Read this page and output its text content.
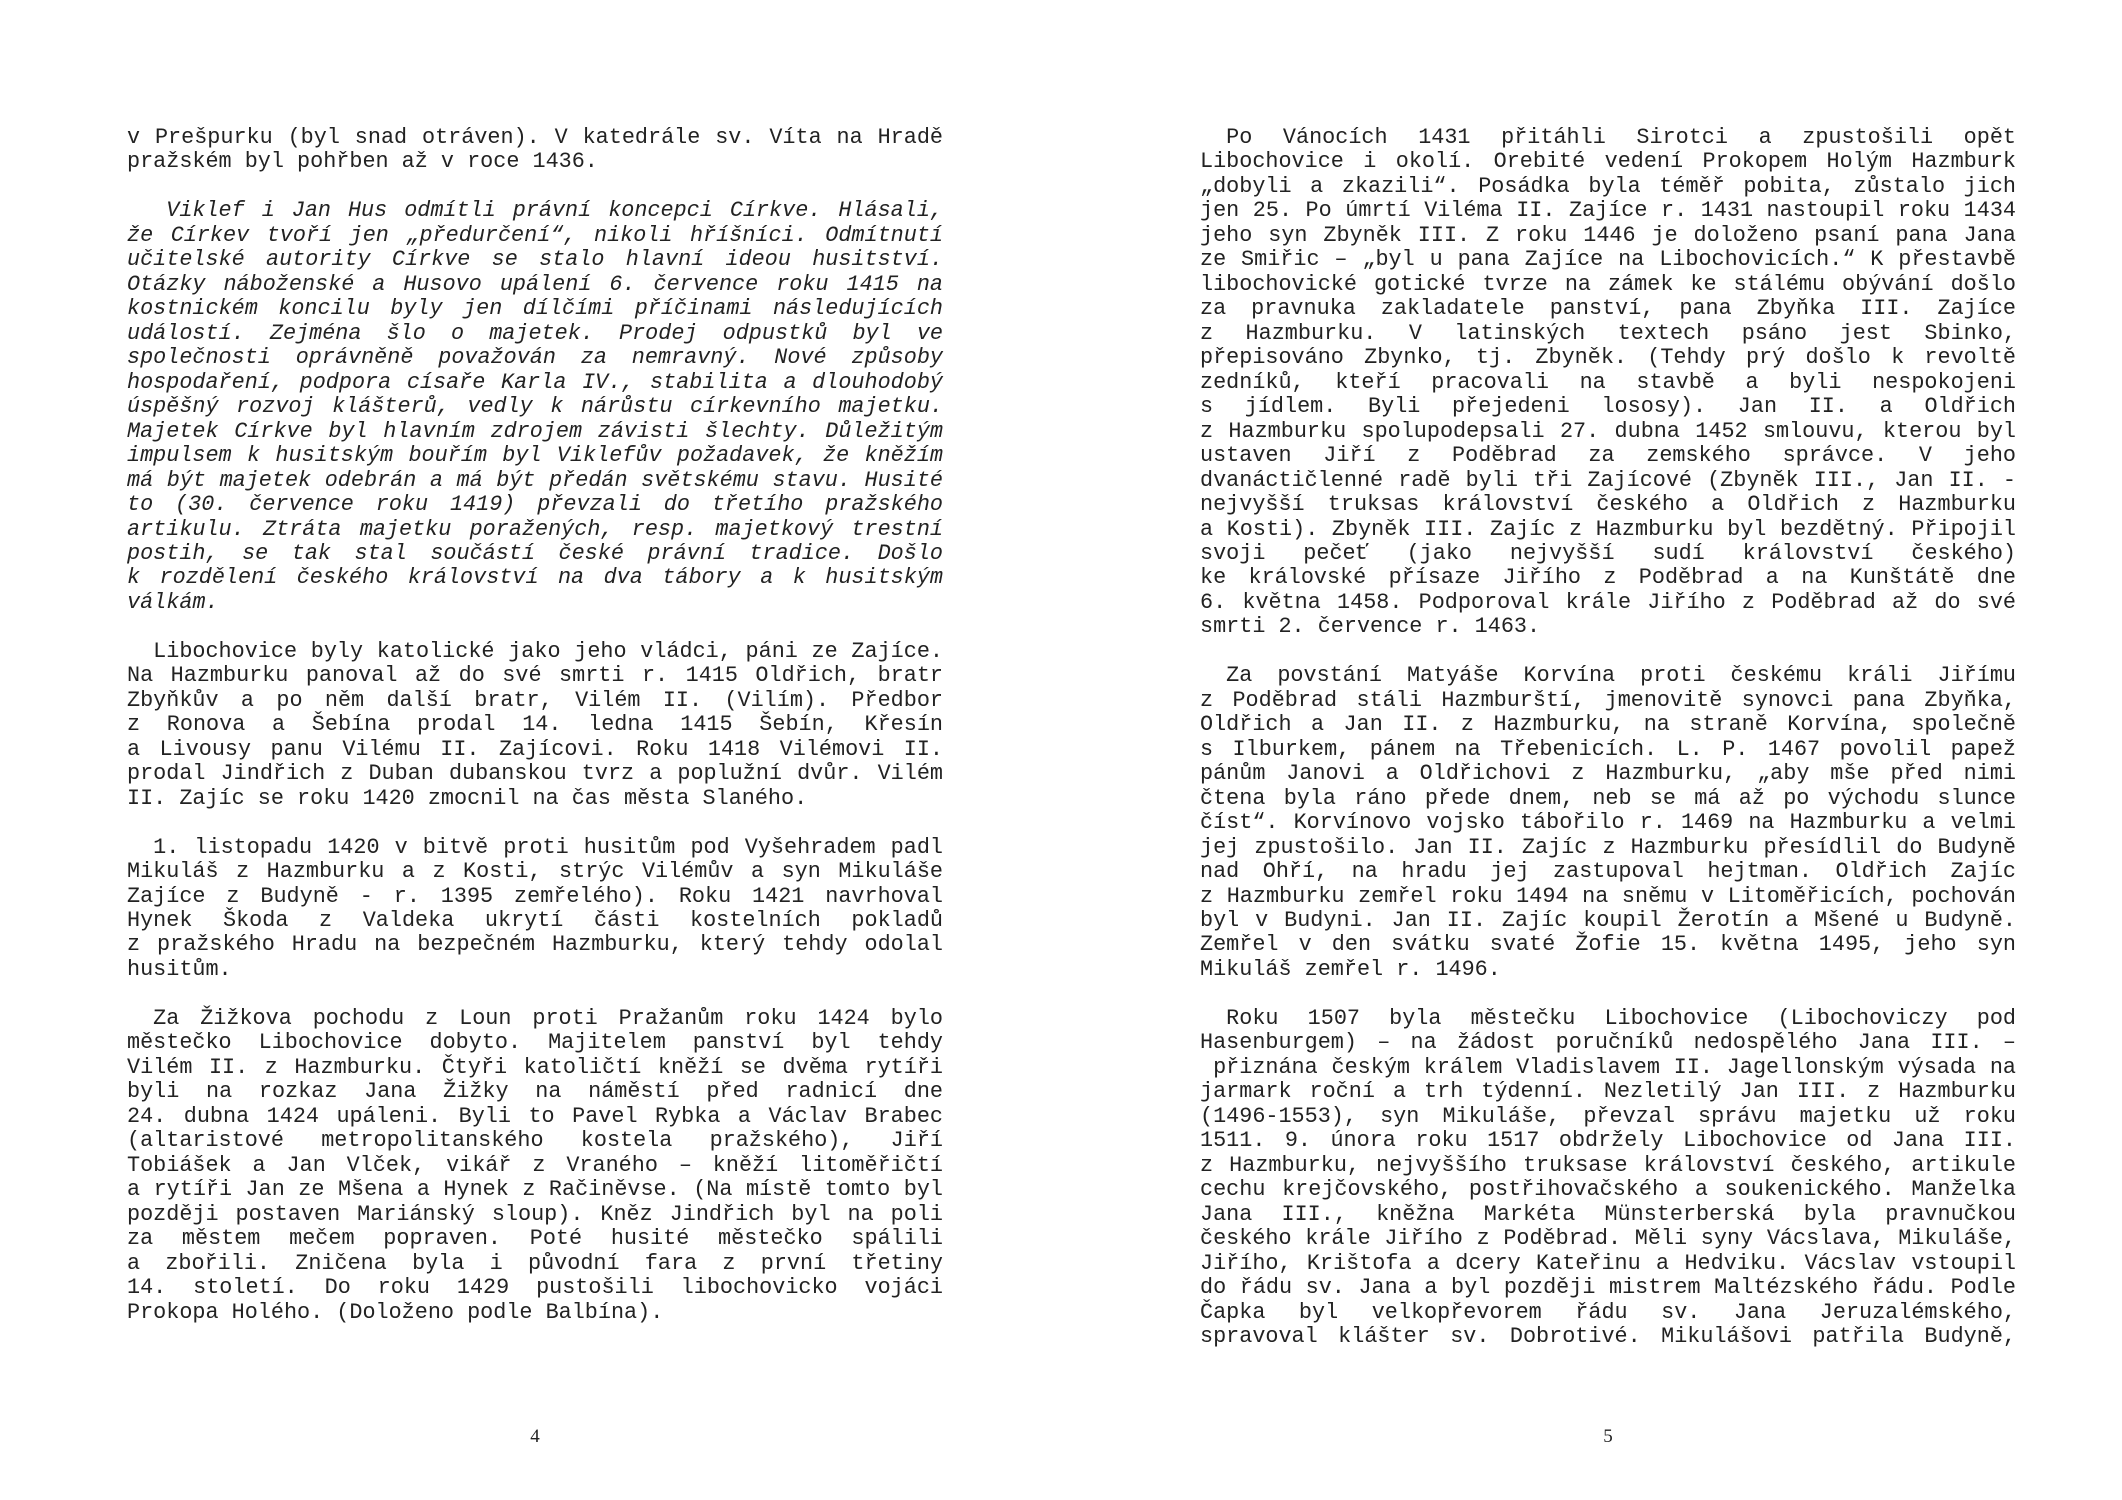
v Prešpurku (byl snad otráven). V katedrále sv. Víta na Hradě
pražském byl pohřben až v roce 1436.
Viklef i Jan Hus odmítli právní koncepci Církve. Hlásali,
že Církev tvoří jen „předurčení“, nikoli hříšníci. Odmítnutí
učitelské autority Církve se stalo hlavní ideou husitství.
Otázky náboženské a Husovo upálení 6. července roku 1415 na
kostnickém koncilu byly jen dílčími příčinami následujících
událostí. Zejména šlo o majetek. Prodej odpustků byl ve
společnosti oprávněně považován za nemravný. Nové způsoby
hospodaření, podpora císaře Karla IV., stabilita a dlouhodobý
úspěšný rozvoj klášterů, vedly k nárůstu církevního majetku.
Majetek Církve byl hlavním zdrojem závisti šlechty. Důležitým
impulsem k husitským bouřím byl Viklefův požadavek, že kněžím
má být majetek odebrán a má být předán světskému stavu. Husité
to (30. července roku 1419) převzali do třetího pražského
artikulu. Ztráta majetku poražených, resp. majetkový trestní
postih, se tak stal součástí české právní tradice. Došlo
k rozdělení českého království na dva tábory a k husitským
válkám.
Libochovice byly katolické jako jeho vládci, páni ze Zajíce.
Na Hazmburku panoval až do své smrti r. 1415 Oldřich, bratr
Zbyňkův a po něm další bratr, Vilém II. (Vilím). Předbor
z Ronova a Šebína prodal 14. ledna 1415 Šebín, Křesín
a Livousy panu Vilému II. Zajícovi. Roku 1418 Vilémovi II.
prodal Jindřich z Duban dubanskou tvrz a poplužní dvůr. Vilém
II. Zajíc se roku 1420 zmocnil na čas města Slaného.
1. listopadu 1420 v bitvě proti husitům pod Vyšehradem padl
Mikuláš z Hazmburku a z Kosti, strýc Vilémův a syn Mikuláše
Zajíce z Budyně - r. 1395 zemřelého). Roku 1421 navrhoval
Hynek Škoda z Valdeka ukrytí části kostelních pokladů
z pražského Hradu na bezpečném Hazmburku, který tehdy odolal
husitům.
Za Žižkova pochodu z Loun proti Pražanům roku 1424 bylo
městečko Libochovice dobyto. Majitelem panství byl tehdy
Vilém II. z Hazmburku. Čtyři katoličtí kněží se dvěma rytíři
byli na rozkaz Jana Žižky na náměstí před radnicí dne
24. dubna 1424 upáleni. Byli to Pavel Rybka a Václav Brabec
(altaristové metropolitanského kostela pražského), Jiří
Tobiášek a Jan Vlček, vikář z Vraného – kněží litoměřičtí
a rytíři Jan ze Mšena a Hynek z Račiněvse. (Na místě tomto byl
později postaven Mariánský sloup). Kněz Jindřich byl na poli
za městem mečem popraven. Poté husité městečko spálili
a zbořili. Zničena byla i původní fara z první třetiny
14. století. Do roku 1429 pustošili libochovicko vojáci
Prokopa Holého. (Doloženo podle Balbína).
4
Po Vánocích 1431 přitáhli Sirotci a zpustošili opět
Libochovice i okolí. Orebité vedení Prokopem Holým Hazmburk
„dobyli a zkazili“. Posádka byla téměř pobita, zůstalo jich
jen 25. Po úmrtí Viléma II. Zajíce r. 1431 nastoupil roku 1434
jeho syn Zbyněk III. Z roku 1446 je doloženo psaní pana Jana
ze Smiřic – „byl u pana Zajíce na Libochovicích.“ K přestavbě
libochovické gotické tvrze na zámek ke stálému obývání došlo
za pravnuka zakladatele panství, pana Zbyňka III. Zajíce
z Hazmburku. V latinských textech psáno jest Sbinko,
přepisováno Zbynko, tj. Zbyněk. (Tehdy prý došlo k revoltě
zedníků, kteří pracovali na stavbě a byli nespokojeni
s jídlem. Byli přejedeni lososy). Jan II. a Oldřich
z Hazmburku spolupodepsali 27. dubna 1452 smlouvu, kterou byl
ustaven Jiří z Poděbrad za zemského správce. V jeho
dvanáctičlenné radě byli tři Zajícové (Zbyněk III., Jan II. -
nejvyšší truksas království českého a Oldřich z Hazmburku
a Kosti). Zbyněk III. Zajíc z Hazmburku byl bezdětný. Připojil
svoji pečeť (jako nejvyšší sudí království českého)
ke královské přísaze Jiřího z Poděbrad a na Kunštátě dne
6. května 1458. Podporoval krále Jiřího z Poděbrad až do své
smrti 2. července r. 1463.
Za povstání Matyáše Korvína proti českému králi Jiřímu
z Poděbrad stáli Hazmburští, jmenovitě synovci pana Zbyňka,
Oldřich a Jan II. z Hazmburku, na straně Korvína, společně
s Ilburkem, pánem na Třebenicích. L. P. 1467 povolil papež
pánům Janovi a Oldřichovi z Hazmburku, „aby mše před nimi
čtena byla ráno přede dnem, neb se má až po východu slunce
číst“. Korvínovo vojsko tábořilo r. 1469 na Hazmburku a velmi
jej zpustošilo. Jan II. Zajíc z Hazmburku přesídlil do Budyně
nad Ohří, na hradu jej zastupoval hejtman. Oldřich Zajíc
z Hazmburku zemřel roku 1494 na sněmu v Litoměřicích, pochován
byl v Budyni. Jan II. Zajíc koupil Žerotín a Mšené u Budyně.
Zemřel v den svátku svaté Žofie 15. května 1495, jeho syn
Mikuláš zemřel r. 1496.
Roku 1507 byla městečku Libochovice (Libochoviczy pod
Hasenburgem) – na žádost poručníků nedospělého Jana III. –
přiznána českým králem Vladislavem II. Jagellonským výsada na
jarmark roční a trh týdenní. Nezletilý Jan III. z Hazmburku
(1496-1553), syn Mikuláše, převzal správu majetku už roku
1511. 9. února roku 1517 obdržely Libochovice od Jana III.
z Hazmburku, nejvyššího truksase království českého, artikule
cechu krejčovského, postřihovačského a soukenického. Manželka
Jana III., kněžna Markéta Münsterberská byla pravnučkou
českého krále Jiřího z Poděbrad. Měli syny Vácslava, Mikuláše,
Jiřího, Krištofa a dcery Kateřinu a Hedviku. Vácslav vstoupil
do řádu sv. Jana a byl později mistrem Maltézského řádu. Podle
Čapka byl velkopřevorem řádu sv. Jana Jeruzalémského,
spravoval klášter sv. Dobrotivé. Mikulášovi patřila Budyně,
5
